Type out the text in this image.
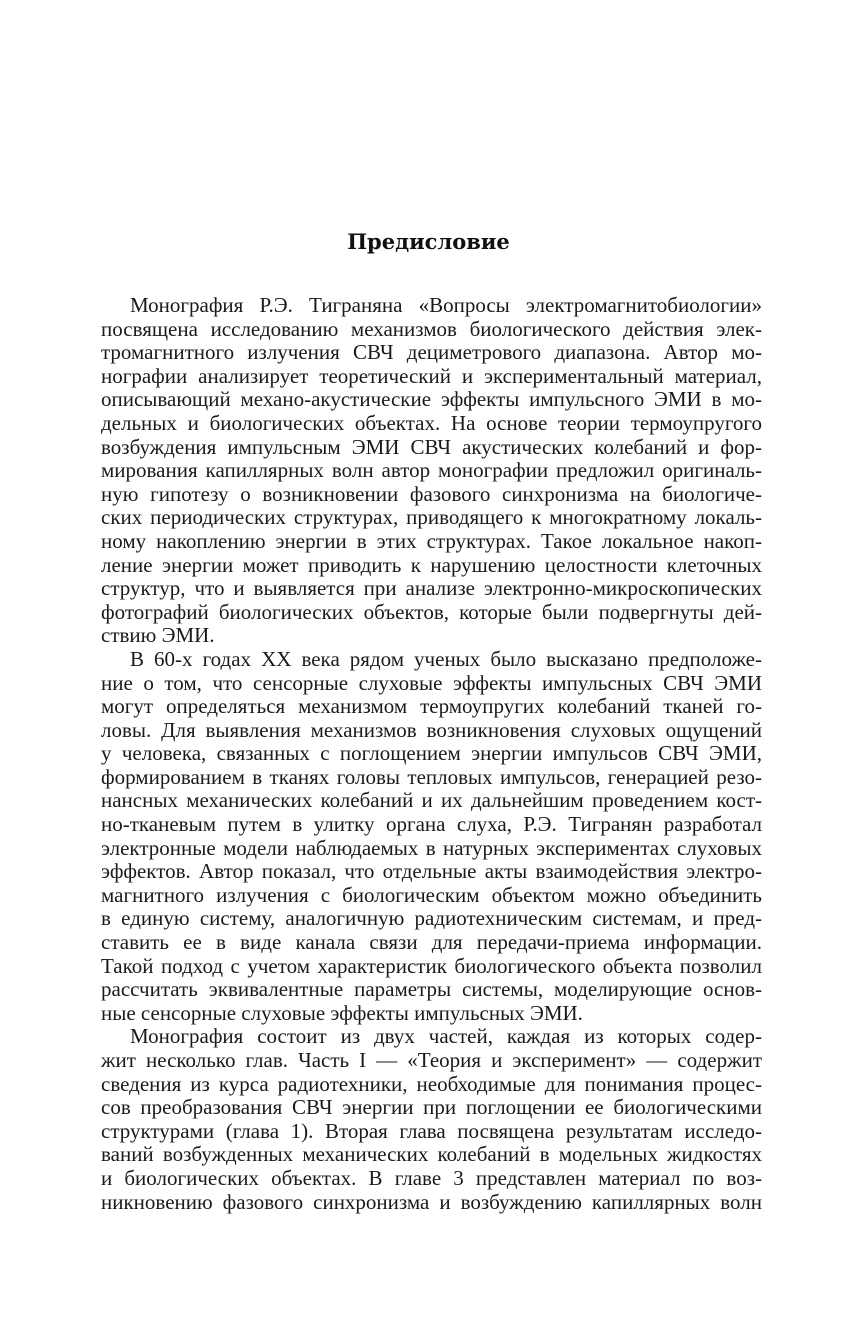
Предисловие
Монография Р.Э. Тиграняна «Вопросы электромагнитобиологии»
посвящена исследованию механизмов биологического действия элек-
тромагнитного излучения СВЧ дециметрового диапазона. Автор мо-
нографии анализирует теоретический и экспериментальный материал,
описывающий механо-акустические эффекты импульсного ЭМИ в мо-
дельных и биологических объектах. На основе теории термоупругого
возбуждения импульсным ЭМИ СВЧ акустических колебаний и фор-
мирования капиллярных волн автор монографии предложил оригиналь-
ную гипотезу о возникновении фазового синхронизма на биологиче-
ских периодических структурах, приводящего к многократному локаль-
ному накоплению энергии в этих структурах. Такое локальное накоп-
ление энергии может приводить к нарушению целостности клеточных
структур, что и выявляется при анализе электронно-микроскопических
фотографий биологических объектов, которые были подвергнуты дей-
ствию ЭМИ.
В 60-х годах XX века рядом ученых было высказано предположе-
ние о том, что сенсорные слуховые эффекты импульсных СВЧ ЭМИ
могут определяться механизмом термоупругих колебаний тканей го-
ловы. Для выявления механизмов возникновения слуховых ощущений
у человека, связанных с поглощением энергии импульсов СВЧ ЭМИ,
формированием в тканях головы тепловых импульсов, генерацией резо-
нансных механических колебаний и их дальнейшим проведением кост-
но-тканевым путем в улитку органа слуха, Р.Э. Тигранян разработал
электронные модели наблюдаемых в натурных экспериментах слуховых
эффектов. Автор показал, что отдельные акты взаимодействия электро-
магнитного излучения с биологическим объектом можно объединить
в единую систему, аналогичную радиотехническим системам, и пред-
ставить ее в виде канала связи для передачи-приема информации.
Такой подход с учетом характеристик биологического объекта позволил
рассчитать эквивалентные параметры системы, моделирующие основ-
ные сенсорные слуховые эффекты импульсных ЭМИ.
Монография состоит из двух частей, каждая из которых содер-
жит несколько глав. Часть I — «Теория и эксперимент» — содержит
сведения из курса радиотехники, необходимые для понимания процес-
сов преобразования СВЧ энергии при поглощении ее биологическими
структурами (глава 1). Вторая глава посвящена результатам исследо-
ваний возбужденных механических колебаний в модельных жидкостях
и биологических объектах. В главе 3 представлен материал по воз-
никновению фазового синхронизма и возбуждению капиллярных волн
